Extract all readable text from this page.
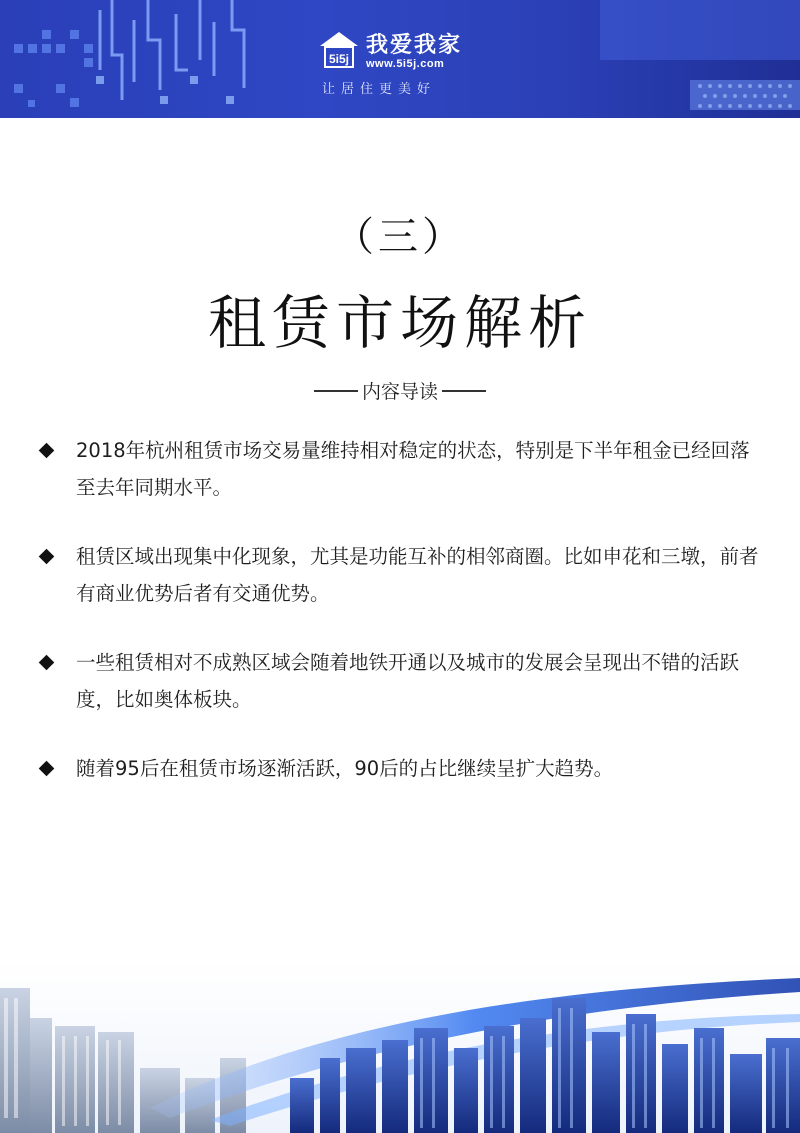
5i5j
我爱我家
www.5i5j.com
让居住更美好
（三）
租赁市场解析
内容导读
2018年杭州租赁市场交易量维持相对稳定的状态，特别是下半年租金已经回落至去年同期水平。
租赁区域出现集中化现象，尤其是功能互补的相邻商圈。比如申花和三墩，前者有商业优势后者有交通优势。
一些租赁相对不成熟区域会随着地铁开通以及城市的发展会呈现出不错的活跃度，比如奥体板块。
随着95后在租赁市场逐渐活跃，90后的占比继续呈扩大趋势。
